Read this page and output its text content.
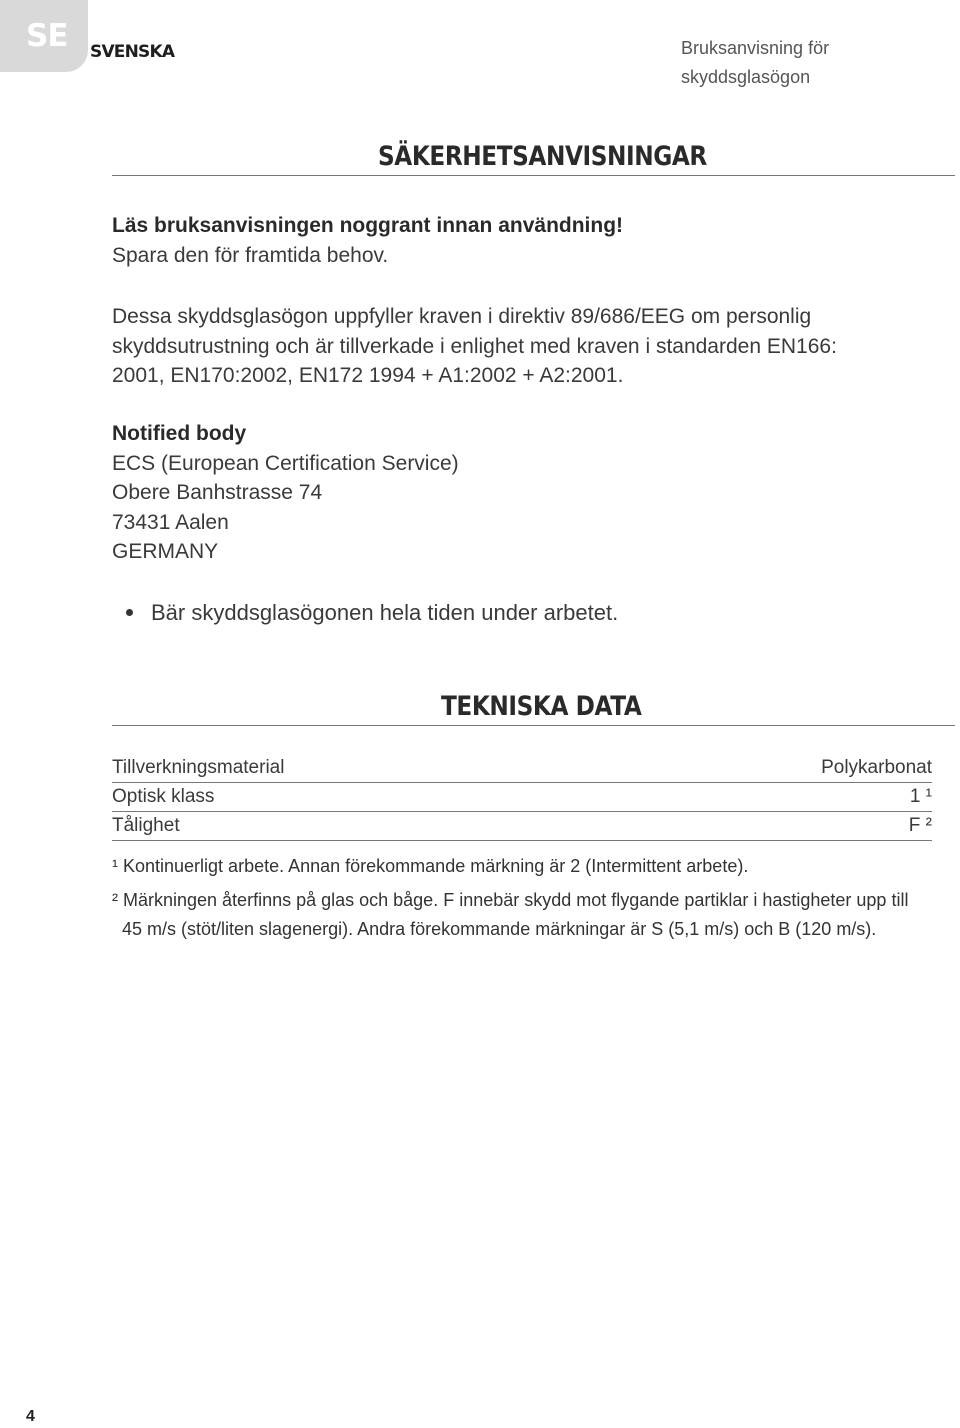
SE SVENSKA	Bruksanvisning för
skyddsglasögon
SÄKERHETSANVISNINGAR
Läs bruksanvisningen noggrant innan användning!
Spara den för framtida behov.
Dessa skyddsglasögon uppfyller kraven i direktiv 89/686/EEG om personlig
skyddsutrustning och är tillverkade i enlighet med kraven i standarden EN166:
2001, EN170:2002, EN172 1994 + A1:2002 + A2:2001.
Notified body
ECS (European Certification Service)
Obere Banhstrasse 74
73431 Aalen
GERMANY
Bär skyddsglasögonen hela tiden under arbetet.
TEKNISKA DATA
Tillverkningsmaterial	Polykarbonat
Optisk klass	1 ¹
Tålighet	F ²
¹ Kontinuerligt arbete. Annan förekommande märkning är 2 (Intermittent arbete).
² Märkningen återfinns på glas och båge. F innebär skydd mot flygande partiklar i hastigheter upp till
45 m/s (stöt/liten slagenergi). Andra förekommande märkningar är S (5,1 m/s) och B (120 m/s).
4
